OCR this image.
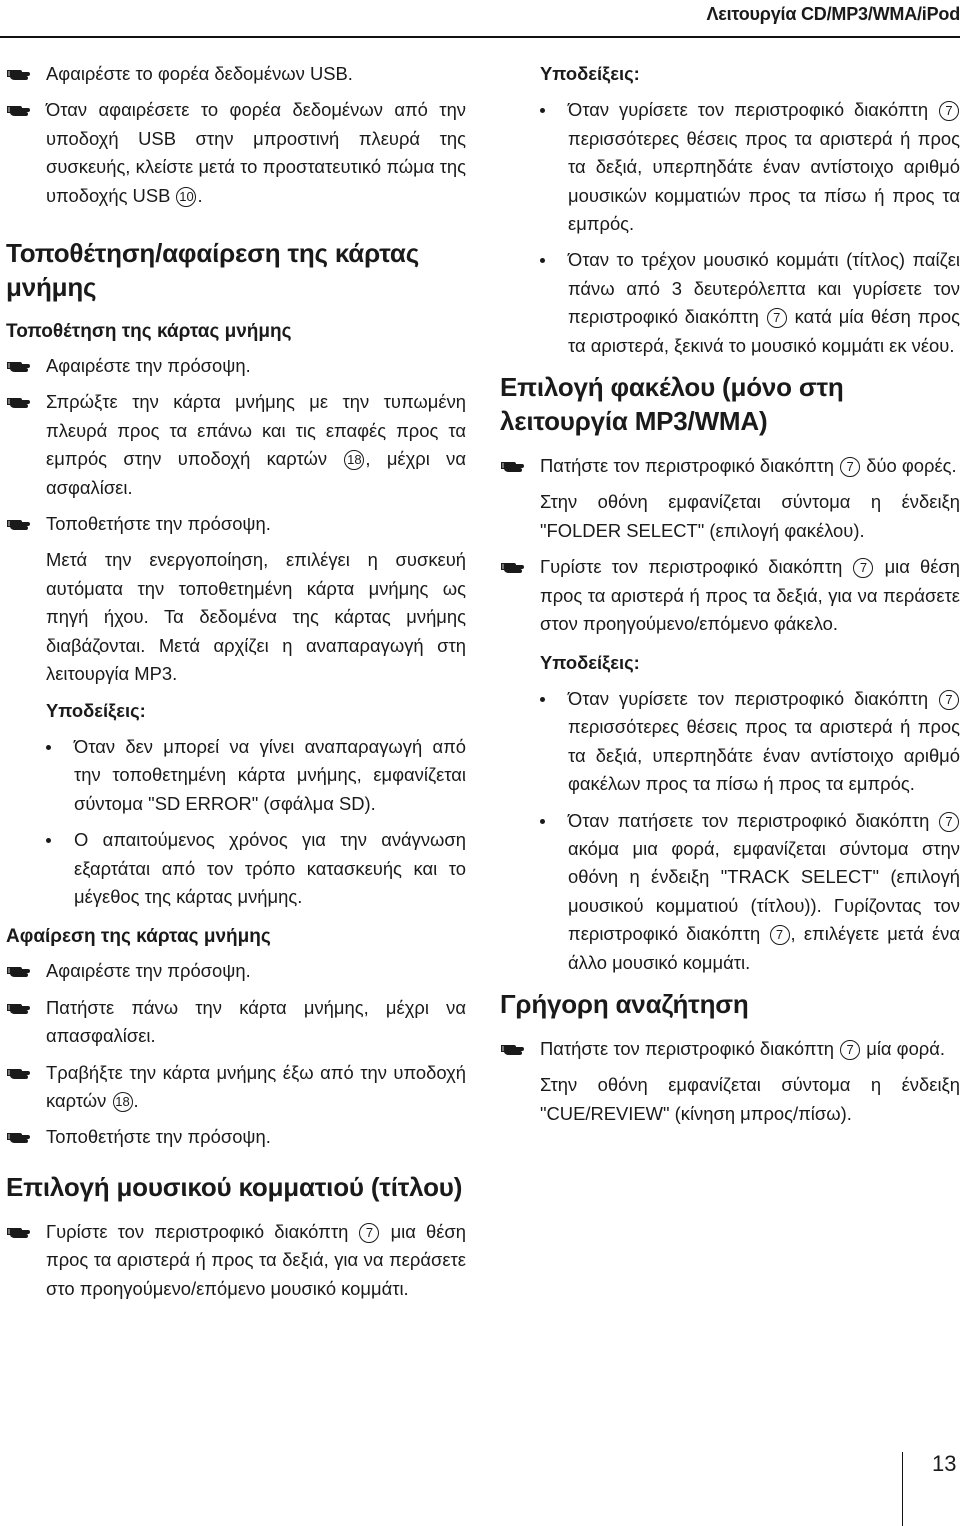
Λειτουργία CD/MP3/WMA/iPod
Αφαιρέστε το φορέα δεδομένων USB.
Όταν αφαιρέσετε το φορέα δεδομένων από την υποδοχή USB στην μπροστινή πλευρά της συσκευής, κλείστε μετά το προστατευτικό πώμα της υποδοχής USB 10 .
Τοποθέτηση/αφαίρεση της κάρτας μνήμης
Τοποθέτηση της κάρτας μνήμης
Αφαιρέστε την πρόσοψη.
Σπρώξτε την κάρτα μνήμης με την τυπωμένη πλευρά προς τα επάνω και τις επαφές προς τα εμπρός στην υποδοχή καρτών 18 , μέχρι να ασφαλίσει.
Τοποθετήστε την πρόσοψη.

Μετά την ενεργοποίηση, επιλέγει η συσκευή αυτόματα την τοποθετημένη κάρτα μνήμης ως πηγή ήχου. Τα δεδομένα της κάρτας μνήμης διαβάζονται. Μετά αρχίζει η αναπαραγωγή στη λειτουργία MP3.

Υποδείξεις:
Όταν δεν μπορεί να γίνει αναπαραγωγή από την τοποθετημένη κάρτα μνήμης, εμφανίζεται σύντομα "SD ERROR" (σφάλμα SD).
Ο απαιτούμενος χρόνος για την ανάγνωση εξαρτάται από τον τρόπο κατασκευής και το μέγεθος της κάρτας μνήμης.
Αφαίρεση της κάρτας μνήμης
Αφαιρέστε την πρόσοψη.
Πατήστε πάνω την κάρτα μνήμης, μέχρι να απασφαλίσει.
Τραβήξτε την κάρτα μνήμης έξω από την υποδοχή καρτών 18 .
Τοποθετήστε την πρόσοψη.
Επιλογή μουσικού κομματιού (τίτλου)
Γυρίστε τον περιστροφικό διακόπτη 7 μια θέση προς τα αριστερά ή προς τα δεξιά, για να περάσετε στο προηγούμενο/επόμενο μουσικό κομμάτι.
Υποδείξεις:
Όταν γυρίσετε τον περιστροφικό διακόπτη 7 περισσότερες θέσεις προς τα αριστερά ή προς τα δεξιά, υπερπηδάτε έναν αντίστοιχο αριθμό μουσικών κομματιών προς τα πίσω ή προς τα εμπρός.
Όταν το τρέχον μουσικό κομμάτι (τίτλος) παίζει πάνω από 3 δευτερόλεπτα και γυρίσετε τον περιστροφικό διακόπτη 7 κατά μία θέση προς τα αριστερά, ξεκινά το μουσικό κομμάτι εκ νέου.
Επιλογή φακέλου (μόνο στη λειτουργία MP3/WMA)
Πατήστε τον περιστροφικό διακόπτη 7 δύο φορές.

Στην οθόνη εμφανίζεται σύντομα η ένδειξη "FOLDER SELECT" (επιλογή φακέλου).

Γυρίστε τον περιστροφικό διακόπτη 7 μια θέση προς τα αριστερά ή προς τα δεξιά, για να περάσετε στον προηγούμενο/επόμενο φάκελο.
Υποδείξεις:
Όταν γυρίσετε τον περιστροφικό διακόπτη 7 περισσότερες θέσεις προς τα αριστερά ή προς τα δεξιά, υπερπηδάτε έναν αντίστοιχο αριθμό φακέλων προς τα πίσω ή προς τα εμπρός.
Όταν πατήσετε τον περιστροφικό διακόπτη 7 ακόμα μια φορά, εμφανίζεται σύντομα στην οθόνη η ένδειξη "TRACK SELECT" (επιλογή μουσικού κομματιού (τίτλου)). Γυρίζοντας τον περιστροφικό διακόπτη 7 , επιλέγετε μετά ένα άλλο μουσικό κομμάτι.
Γρήγορη αναζήτηση
Πατήστε τον περιστροφικό διακόπτη 7 μία φορά.

Στην οθόνη εμφανίζεται σύντομα η ένδειξη "CUE/REVIEW" (κίνηση μπρος/πίσω).

13
